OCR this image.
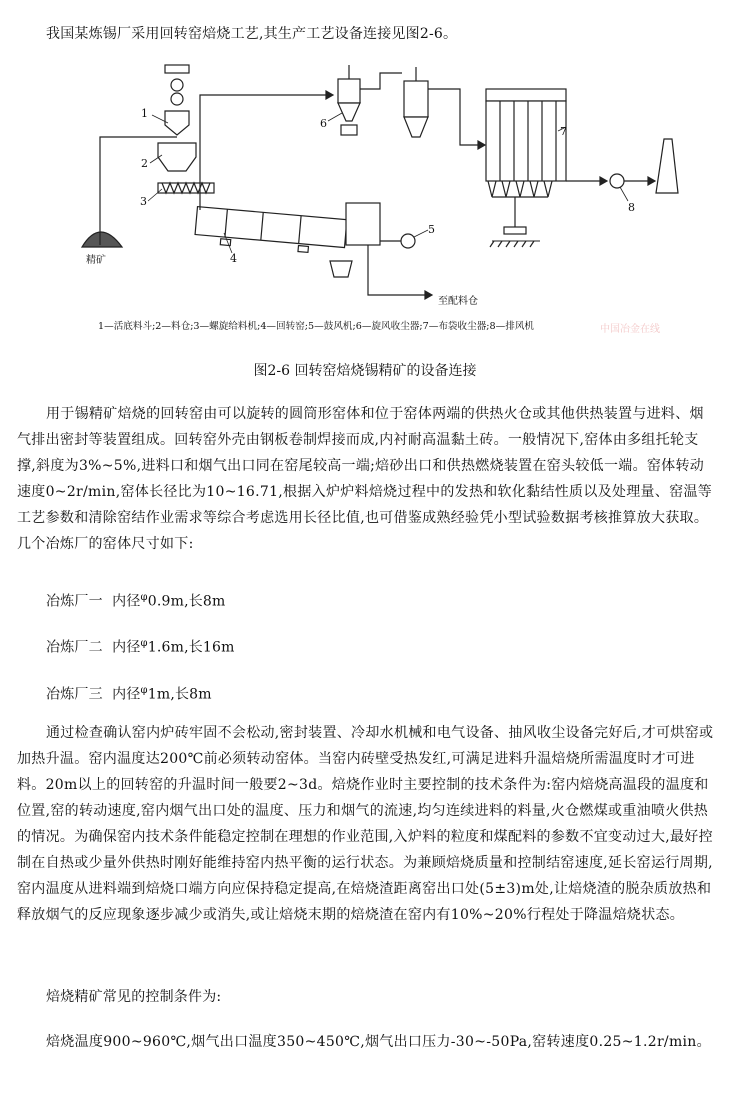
我国某炼锡厂采用回转窑焙烧工艺,其生产工艺设备连接见图2-6。
1
2
3
4
5
6
7
8
精矿
至配料仓
1—活底料斗;2—料仓;3—螺旋给料机;4—回转窑;5—鼓风机;6—旋风收尘器;7—布袋收尘器;8—排风机	中国冶金在线
图2-6 回转窑焙烧锡精矿的设备连接
用于锡精矿焙烧的回转窑由可以旋转的圆筒形窑体和位于窑体两端的供热火仓或其他供热装置与进料、烟气排出密封等装置组成。回转窑外壳由钢板卷制焊接而成,内衬耐高温黏土砖。一般情况下,窑体由多组托轮支撑,斜度为3%~5%,进料口和烟气出口同在窑尾较高一端;焙砂出口和供热燃烧装置在窑头较低一端。窑体转动速度0~2r/min,窑体长径比为10~16.71,根据入炉炉料焙烧过程中的发热和软化黏结性质以及处理量、窑温等工艺参数和清除窑结作业需求等综合考虑选用长径比值,也可借鉴成熟经验凭小型试验数据考核推算放大获取。几个冶炼厂的窑体尺寸如下:
冶炼厂一 内径$^\varphi$0.9m,长8m
冶炼厂二 内径$^\varphi$1.6m,长16m
冶炼厂三 内径$^\varphi$1m,长8m
通过检查确认窑内炉砖牢固不会松动,密封装置、冷却水机械和电气设备、抽风收尘设备完好后,才可烘窑或加热升温。窑内温度达200℃前必须转动窑体。当窑内砖壁受热发红,可满足进料升温焙烧所需温度时才可进料。20m以上的回转窑的升温时间一般要2~3d。焙烧作业时主要控制的技术条件为:窑内焙烧高温段的温度和位置,窑的转动速度,窑内烟气出口处的温度、压力和烟气的流速,均匀连续进料的料量,火仓燃煤或重油喷火供热的情况。为确保窑内技术条件能稳定控制在理想的作业范围,入炉料的粒度和煤配料的参数不宜变动过大,最好控制在自热或少量外供热时刚好能维持窑内热平衡的运行状态。为兼顾焙烧质量和控制结窑速度,延长窑运行周期,窑内温度从进料端到焙烧口端方向应保持稳定提高,在焙烧渣距离窑出口处(5±3)m处,让焙烧渣的脱杂质放热和释放烟气的反应现象逐步减少或消失,或让焙烧末期的焙烧渣在窑内有10%~20%行程处于降温焙烧状态。
焙烧精矿常见的控制条件为:
焙烧温度900~960℃,烟气出口温度350~450℃,烟气出口压力-30~-50Pa,窑转速度0.25~1.2r/min。
